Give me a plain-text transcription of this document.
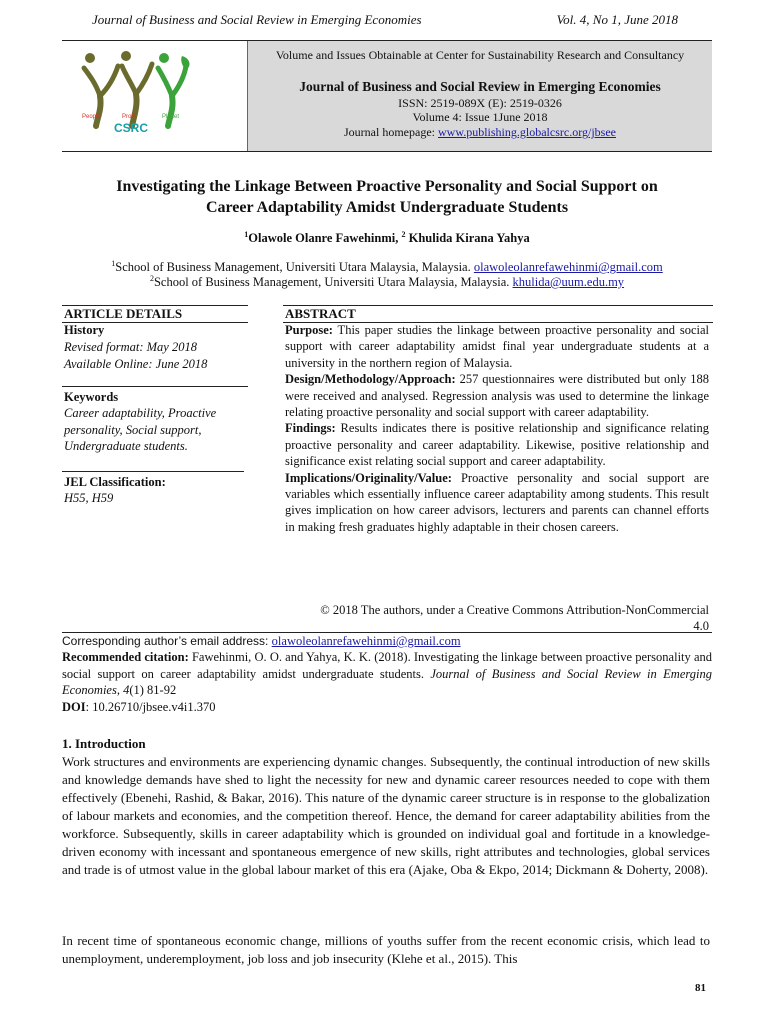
Journal of Business and Social Review in Emerging Economies	Vol. 4, No 1, June 2018
People	Profit	Planet
CSRC
Volume and Issues Obtainable at Center for Sustainability Research and Consultancy
Journal of Business and Social Review in Emerging Economies
ISSN: 2519-089X (E): 2519-0326
Volume 4: Issue 1June 2018
Journal homepage: www.publishing.globalcsrc.org/jbsee
Investigating the Linkage Between Proactive Personality and Social Support on
Career Adaptability Amidst Undergraduate Students
$^1$Olawole Olanre Fawehinmi, $^2$ Khulida Kirana Yahya
$^1$School of Business Management, Universiti Utara Malaysia, Malaysia. olawoleolanrefawehinmi@gmail.com
$^2$School of Business Management, Universiti Utara Malaysia, Malaysia. khulida@uum.edu.my
ARTICLE DETAILS
History
Revised format: May 2018
Available Online: June 2018
Keywords
Career adaptability, Proactive personality, Social support, Undergraduate students.
JEL Classification:
H55, H59
ABSTRACT

Purpose: This paper studies the linkage between proactive personality and social support with career adaptability amidst final year undergraduate students at a university in the northern region of Malaysia.

Design/Methodology/Approach: 257 questionnaires were distributed but only 188 were received and analysed. Regression analysis was used to determine the linkage relating proactive personality and social support with career adaptability.

Findings: Results indicates there is positive relationship and significance relating proactive personality and career adaptability. Likewise, positive relationship and significance exist relating social support and career adaptability.

Implications/Originality/Value: Proactive personality and social support are variables which essentially influence career adaptability among students. This result gives implication on how career advisors, lecturers and parents can channel efforts in making fresh graduates highly adaptable in their chosen careers.

© 2018 The authors, under a Creative Commons Attribution-NonCommercial 4.0

Corresponding author’s email address: olawoleolanrefawehinmi@gmail.com

Recommended citation: Fawehinmi, O. O. and Yahya, K. K. (2018). Investigating the linkage between proactive personality and social support on career adaptability amidst undergraduate students. Journal of Business and Social Review in Emerging Economies, 4(1) 81-92

DOI: 10.26710/jbsee.v4i1.370

1. Introduction

Work structures and environments are experiencing dynamic changes. Subsequently, the continual introduction of new skills and knowledge demands have shed to light the necessity for new and dynamic career resources needed to cope with them effectively (Ebenehi, Rashid, & Bakar, 2016). This nature of the dynamic career structure is in response to the globalization of labour markets and economies, and the competition thereof. Hence, the demand for career adaptability abilities from the workforce. Subsequently, skills in career adaptability which is grounded on individual goal and fortitude in a knowledge-driven economy with incessant and spontaneous emergence of new skills, right attributes and technologies, global services and trade is of utmost value in the global labour market of this era (Ajake, Oba & Ekpo, 2014; Dickmann & Doherty, 2008).

In recent time of spontaneous economic change, millions of youths suffer from the recent economic crisis, which lead to unemployment, underemployment, job loss and job insecurity (Klehe et al., 2015). This

81
